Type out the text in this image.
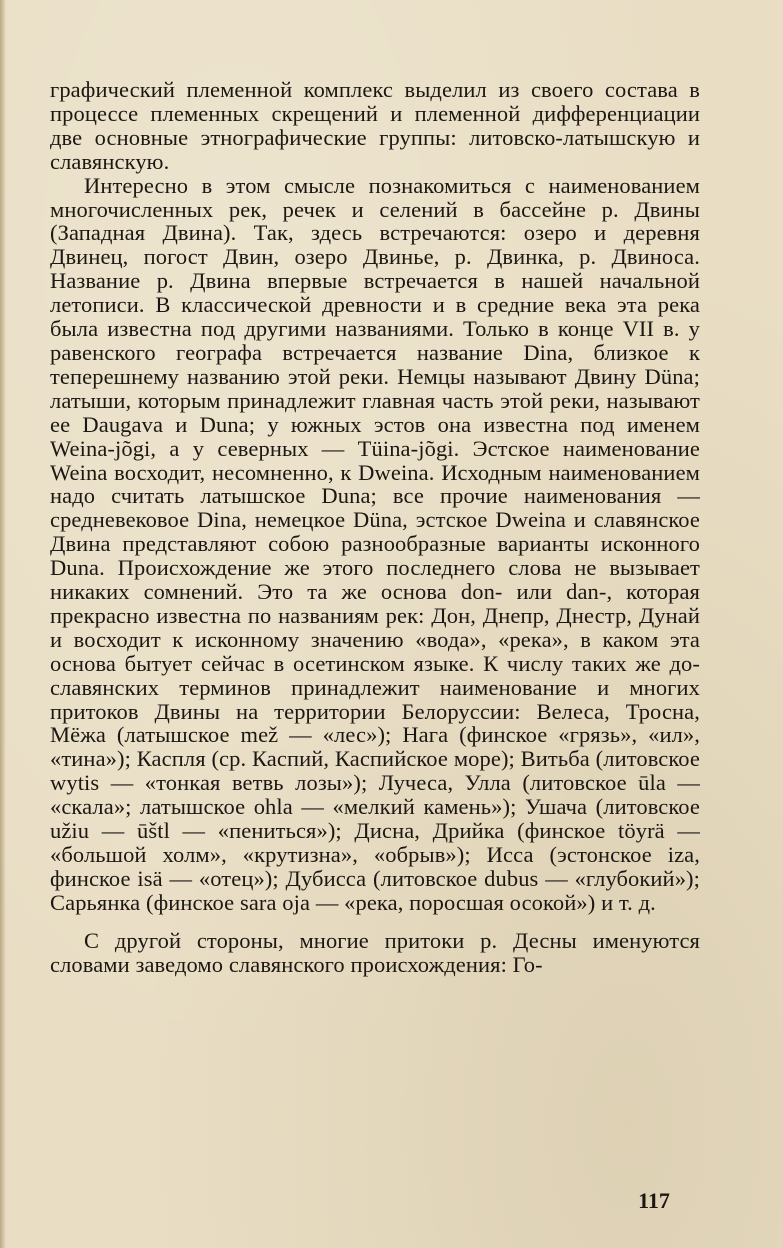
графический племенной комплекс выделил из своего состава в процессе племенных скрещений и племенной дифференциации две основные этнографические группы: литовско-латышскую и славянскую.

Интересно в этом смысле познакомиться с наименованием многочисленных рек, речек и селений в бассейне р. Двины (Западная Двина). Так, здесь встречаются: озеро и деревня Двинец, погост Двин, озеро Двинье, р. Двинка, р. Двиноса. Название р. Двина впервые встречается в нашей начальной летописи. В классической древности и в средние века эта река была известна под другими названиями. Только в конце VII в. у равенского географа встречается название Dina, близкое к теперешнему названию этой реки. Немцы называют Двину Düna; латыши, которым принадлежит главная часть этой реки, называют ее Daugava и Duna; у южных эстов она известна под именем Weina-jõgi, а у северных — Tüina-jõgi. Эстское наименование Weina восходит, несомненно, к Dweina. Исходным наименованием надо считать латышское Duna; все прочие наименования — средневековое Dina, немецкое Düna, эстское Dweina и славянское Двина представляют собою разнообразные варианты исконного Duna. Происхождение же этого последнего слова не вызывает никаких сомнений. Это та же основа don- или dan-, которая прекрасно известна по названиям рек: Дон, Днепр, Днестр, Дунай и восходит к исконному значению «вода», «река», в каком эта основа бытует сейчас в осетинском языке. К числу таких же до-славянских терминов принадлежит наименование и многих притоков Двины на территории Белоруссии: Велеса, Тросна, Мёжа (латышское mež — «лес»); Нага (финское «грязь», «ил», «тина»); Каспля (ср. Каспий, Каспийское море); Витьба (литовское wytis — «тонкая ветвь лозы»); Лучеса, Улла (литовское ūla — «скала»; латышское ohla — «мелкий камень»); Ушача (литовское užiu — ūštl — «пениться»); Дисна, Дрийка (финское töyrä — «большой холм», «крутизна», «обрыв»); Исса (эстонское iza, финское isä — «отец»); Дубисса (литовское dubus — «глубокий»); Сарьянка (финское sara oja — «река, поросшая осокой») и т. д.

С другой стороны, многие притоки р. Десны именуются словами заведомо славянского происхождения: Го-

117
